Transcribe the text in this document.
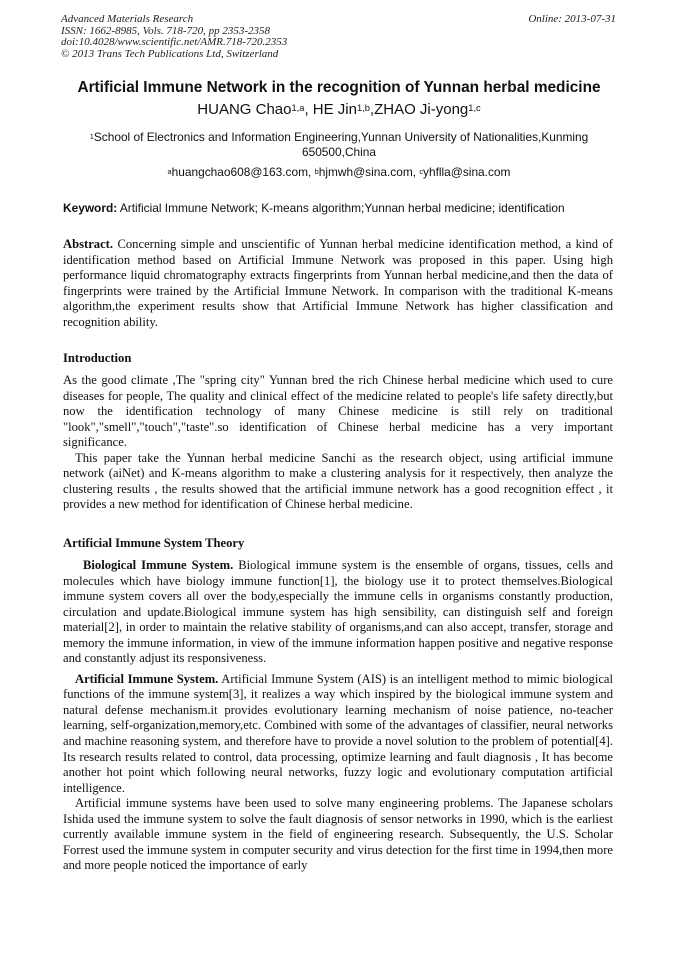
Advanced Materials Research
ISSN: 1662-8985, Vols. 718-720, pp 2353-2358
doi:10.4028/www.scientific.net/AMR.718-720.2353
© 2013 Trans Tech Publications Ltd, Switzerland
Online: 2013-07-31
Artificial Immune Network in the recognition of Yunnan herbal medicine
HUANG Chao$^{1,a}$, HE Jin$^{1,b}$,ZHAO Ji-yong$^{1,c}$
$^1$School of Electronics and Information Engineering,Yunnan University of Nationalities,Kunming 650500,China
$^a$huangchao608@163.com, $^b$hjmwh@sina.com, $^c$yhflla@sina.com
Keyword: Artificial Immune Network; K-means algorithm;Yunnan herbal medicine; identification

Abstract. Concerning simple and unscientific of Yunnan herbal medicine identification method, a kind of identification method based on Artificial Immune Network was proposed in this paper. Using high performance liquid chromatography extracts fingerprints from Yunnan herbal medicine,and then the data of fingerprints were trained by the Artificial Immune Network. In comparison with the traditional K-means algorithm,the experiment results show that Artificial Immune Network has higher classification and recognition ability.

Introduction

As the good climate ,The "spring city" Yunnan bred the rich Chinese herbal medicine which used to cure diseases for people, The quality and clinical effect of the medicine related to people's life safety directly,but now the identification technology of many Chinese medicine is still rely on traditional "look","smell","touch","taste".so identification of Chinese herbal medicine has a very important significance.

This paper take the Yunnan herbal medicine Sanchi as the research object, using artificial immune network (aiNet) and K-means algorithm to make a clustering analysis for it respectively, then analyze the clustering results , the results showed that the artificial immune network has a good recognition effect , it provides a new method for identification of Chinese herbal medicine.

Artificial Immune System Theory

Biological Immune System. Biological immune system is the ensemble of organs, tissues, cells and molecules which have biology immune function[1], the biology use it to protect themselves.Biological immune system covers all over the body,especially the immune cells in organisms constantly production, circulation and update.Biological immune system has high sensibility, can distinguish self and foreign material[2], in order to maintain the relative stability of organisms,and can also accept, transfer, storage and memory the immune information, in view of the immune information happen positive and negative response and constantly adjust its responsiveness.

Artificial Immune System. Artificial Immune System (AIS) is an intelligent method to mimic biological functions of the immune system[3], it realizes a way which inspired by the biological immune system and natural defense mechanism.it provides evolutionary learning mechanism of noise patience, no-teacher learning, self-organization,memory,etc. Combined with some of the advantages of classifier, neural networks and machine reasoning system, and therefore have to provide a novel solution to the problem of potential[4]. Its research results related to control, data processing, optimize learning and fault diagnosis , It has become another hot point which following neural networks, fuzzy logic and evolutionary computation artificial intelligence.

Artificial immune systems have been used to solve many engineering problems. The Japanese scholars Ishida used the immune system to solve the fault diagnosis of sensor networks in 1990, which is the earliest currently available immune system in the field of engineering research. Subsequently, the U.S. Scholar Forrest used the immune system in computer security and virus detection for the first time in 1994,then more and more people noticed the importance of early
